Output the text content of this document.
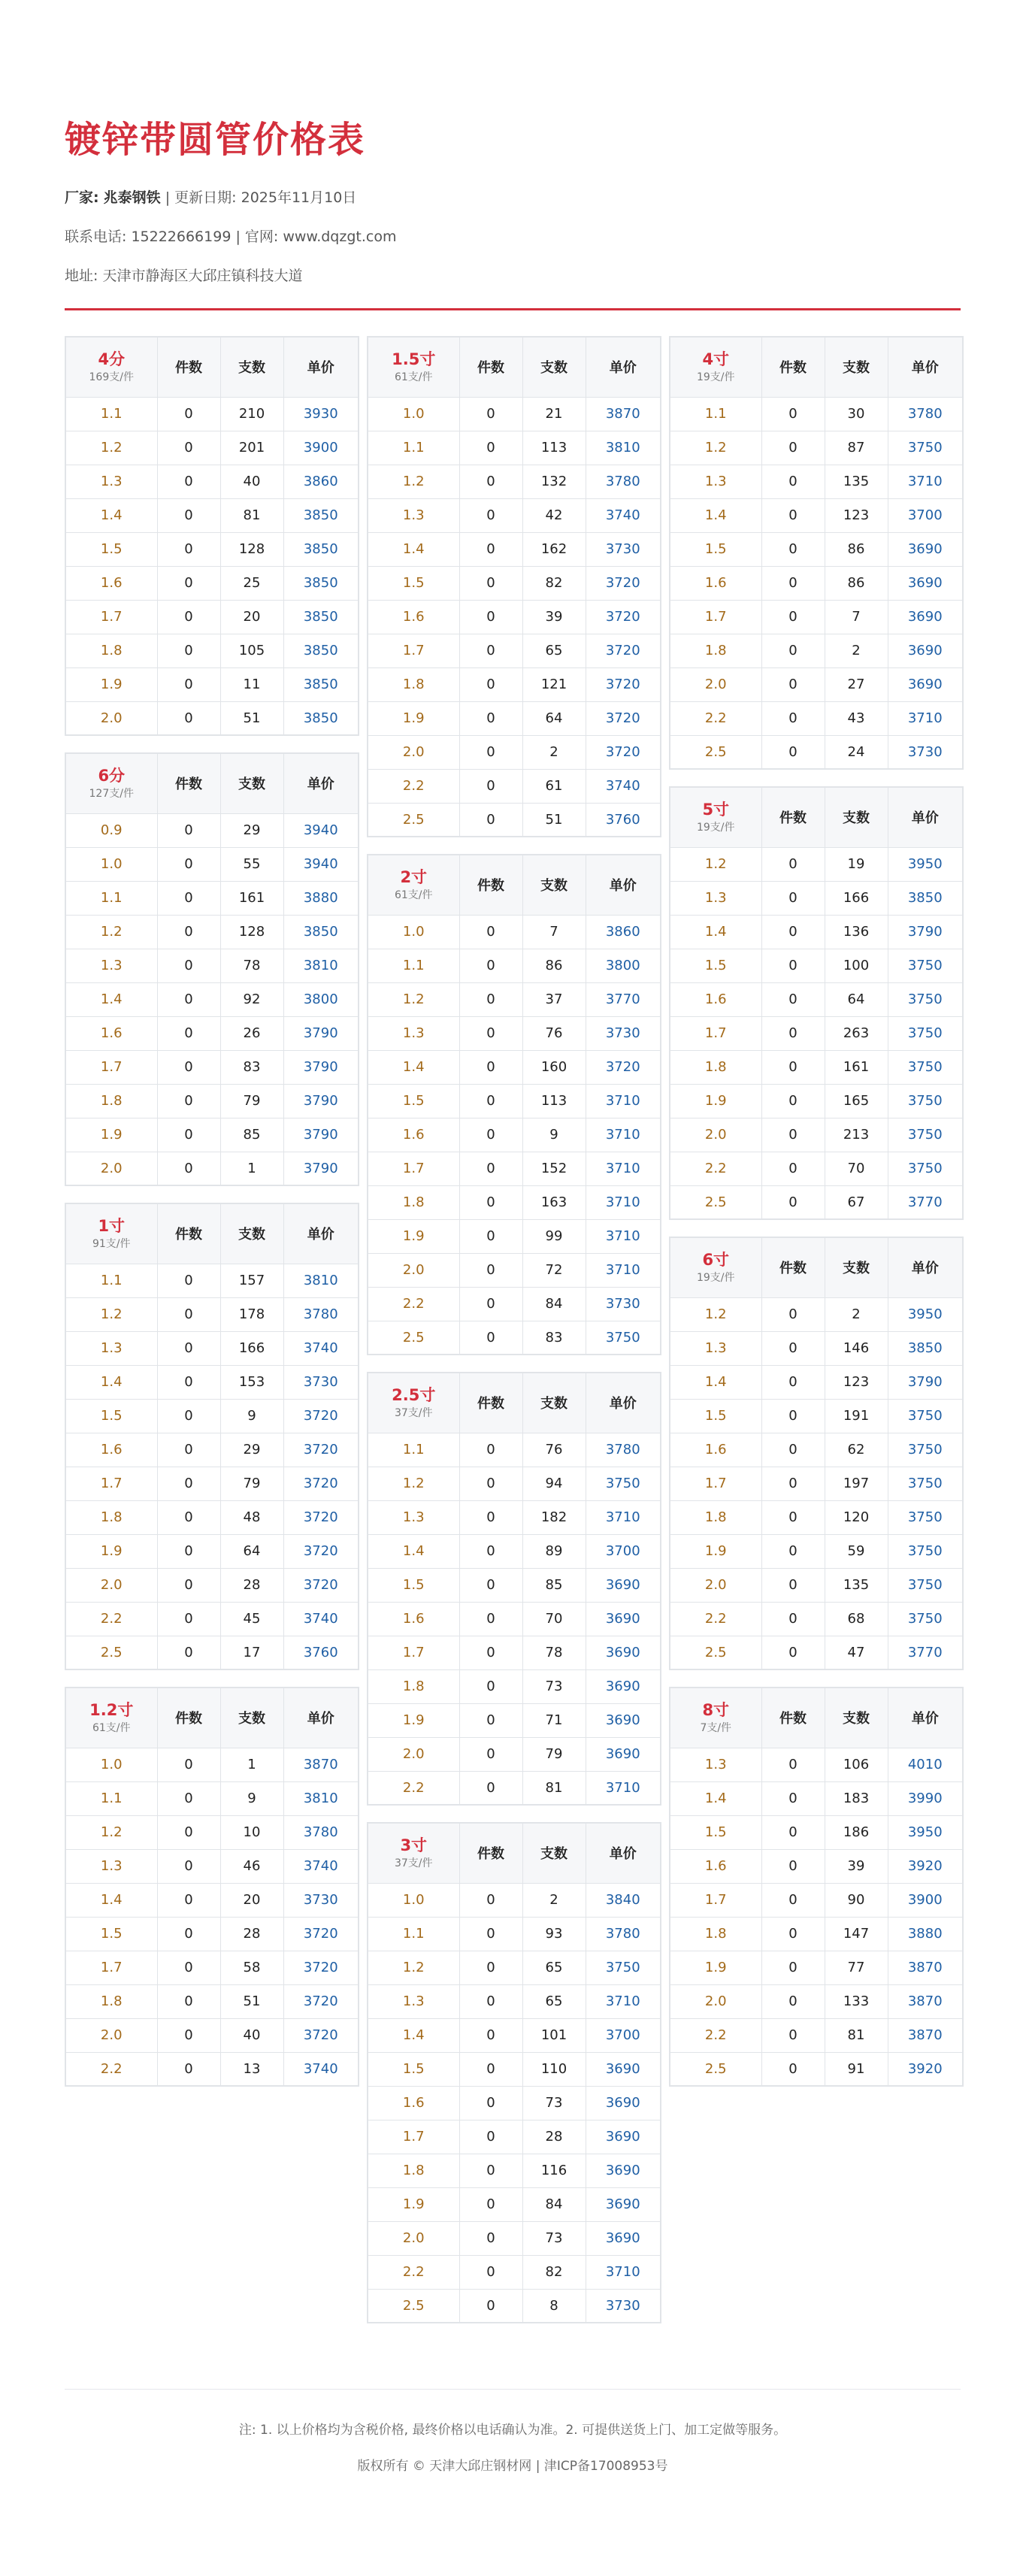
镀锌带圆管价格表
厂家: 兆泰钢铁 | 更新日期: 2025年11月10日
联系电话: 15222666199 | 官网: www.dqzgt.com
地址: 天津市静海区大邱庄镇科技大道
4分
169支/件	件数	支数	单价
1.1	0	210	3930
1.2	0	201	3900
1.3	0	40	3860
1.4	0	81	3850
1.5	0	128	3850
1.6	0	25	3850
1.7	0	20	3850
1.8	0	105	3850
1.9	0	11	3850
2.0	0	51	3850
6分
127支/件	件数	支数	单价
0.9	0	29	3940
1.0	0	55	3940
1.1	0	161	3880
1.2	0	128	3850
1.3	0	78	3810
1.4	0	92	3800
1.6	0	26	3790
1.7	0	83	3790
1.8	0	79	3790
1.9	0	85	3790
2.0	0	1	3790
1寸
91支/件	件数	支数	单价
1.1	0	157	3810
1.2	0	178	3780
1.3	0	166	3740
1.4	0	153	3730
1.5	0	9	3720
1.6	0	29	3720
1.7	0	79	3720
1.8	0	48	3720
1.9	0	64	3720
2.0	0	28	3720
2.2	0	45	3740
2.5	0	17	3760
1.2寸
61支/件	件数	支数	单价
1.0	0	1	3870
1.1	0	9	3810
1.2	0	10	3780
1.3	0	46	3740
1.4	0	20	3730
1.5	0	28	3720
1.7	0	58	3720
1.8	0	51	3720
2.0	0	40	3720
2.2	0	13	3740
1.5寸
61支/件	件数	支数	单价
1.0	0	21	3870
1.1	0	113	3810
1.2	0	132	3780
1.3	0	42	3740
1.4	0	162	3730
1.5	0	82	3720
1.6	0	39	3720
1.7	0	65	3720
1.8	0	121	3720
1.9	0	64	3720
2.0	0	2	3720
2.2	0	61	3740
2.5	0	51	3760
2寸
61支/件	件数	支数	单价
1.0	0	7	3860
1.1	0	86	3800
1.2	0	37	3770
1.3	0	76	3730
1.4	0	160	3720
1.5	0	113	3710
1.6	0	9	3710
1.7	0	152	3710
1.8	0	163	3710
1.9	0	99	3710
2.0	0	72	3710
2.2	0	84	3730
2.5	0	83	3750
2.5寸
37支/件	件数	支数	单价
1.1	0	76	3780
1.2	0	94	3750
1.3	0	182	3710
1.4	0	89	3700
1.5	0	85	3690
1.6	0	70	3690
1.7	0	78	3690
1.8	0	73	3690
1.9	0	71	3690
2.0	0	79	3690
2.2	0	81	3710
3寸
37支/件	件数	支数	单价
1.0	0	2	3840
1.1	0	93	3780
1.2	0	65	3750
1.3	0	65	3710
1.4	0	101	3700
1.5	0	110	3690
1.6	0	73	3690
1.7	0	28	3690
1.8	0	116	3690
1.9	0	84	3690
2.0	0	73	3690
2.2	0	82	3710
2.5	0	8	3730
4寸
19支/件	件数	支数	单价
1.1	0	30	3780
1.2	0	87	3750
1.3	0	135	3710
1.4	0	123	3700
1.5	0	86	3690
1.6	0	86	3690
1.7	0	7	3690
1.8	0	2	3690
2.0	0	27	3690
2.2	0	43	3710
2.5	0	24	3730
5寸
19支/件	件数	支数	单价
1.2	0	19	3950
1.3	0	166	3850
1.4	0	136	3790
1.5	0	100	3750
1.6	0	64	3750
1.7	0	263	3750
1.8	0	161	3750
1.9	0	165	3750
2.0	0	213	3750
2.2	0	70	3750
2.5	0	67	3770
6寸
19支/件	件数	支数	单价
1.2	0	2	3950
1.3	0	146	3850
1.4	0	123	3790
1.5	0	191	3750
1.6	0	62	3750
1.7	0	197	3750
1.8	0	120	3750
1.9	0	59	3750
2.0	0	135	3750
2.2	0	68	3750
2.5	0	47	3770
8寸
7支/件	件数	支数	单价
1.3	0	106	4010
1.4	0	183	3990
1.5	0	186	3950
1.6	0	39	3920
1.7	0	90	3900
1.8	0	147	3880
1.9	0	77	3870
2.0	0	133	3870
2.2	0	81	3870
2.5	0	91	3920
注: 1. 以上价格均为含税价格, 最终价格以电话确认为准。2. 可提供送货上门、加工定做等服务。
版权所有 © 天津大邱庄钢材网 | 津ICP备17008953号
